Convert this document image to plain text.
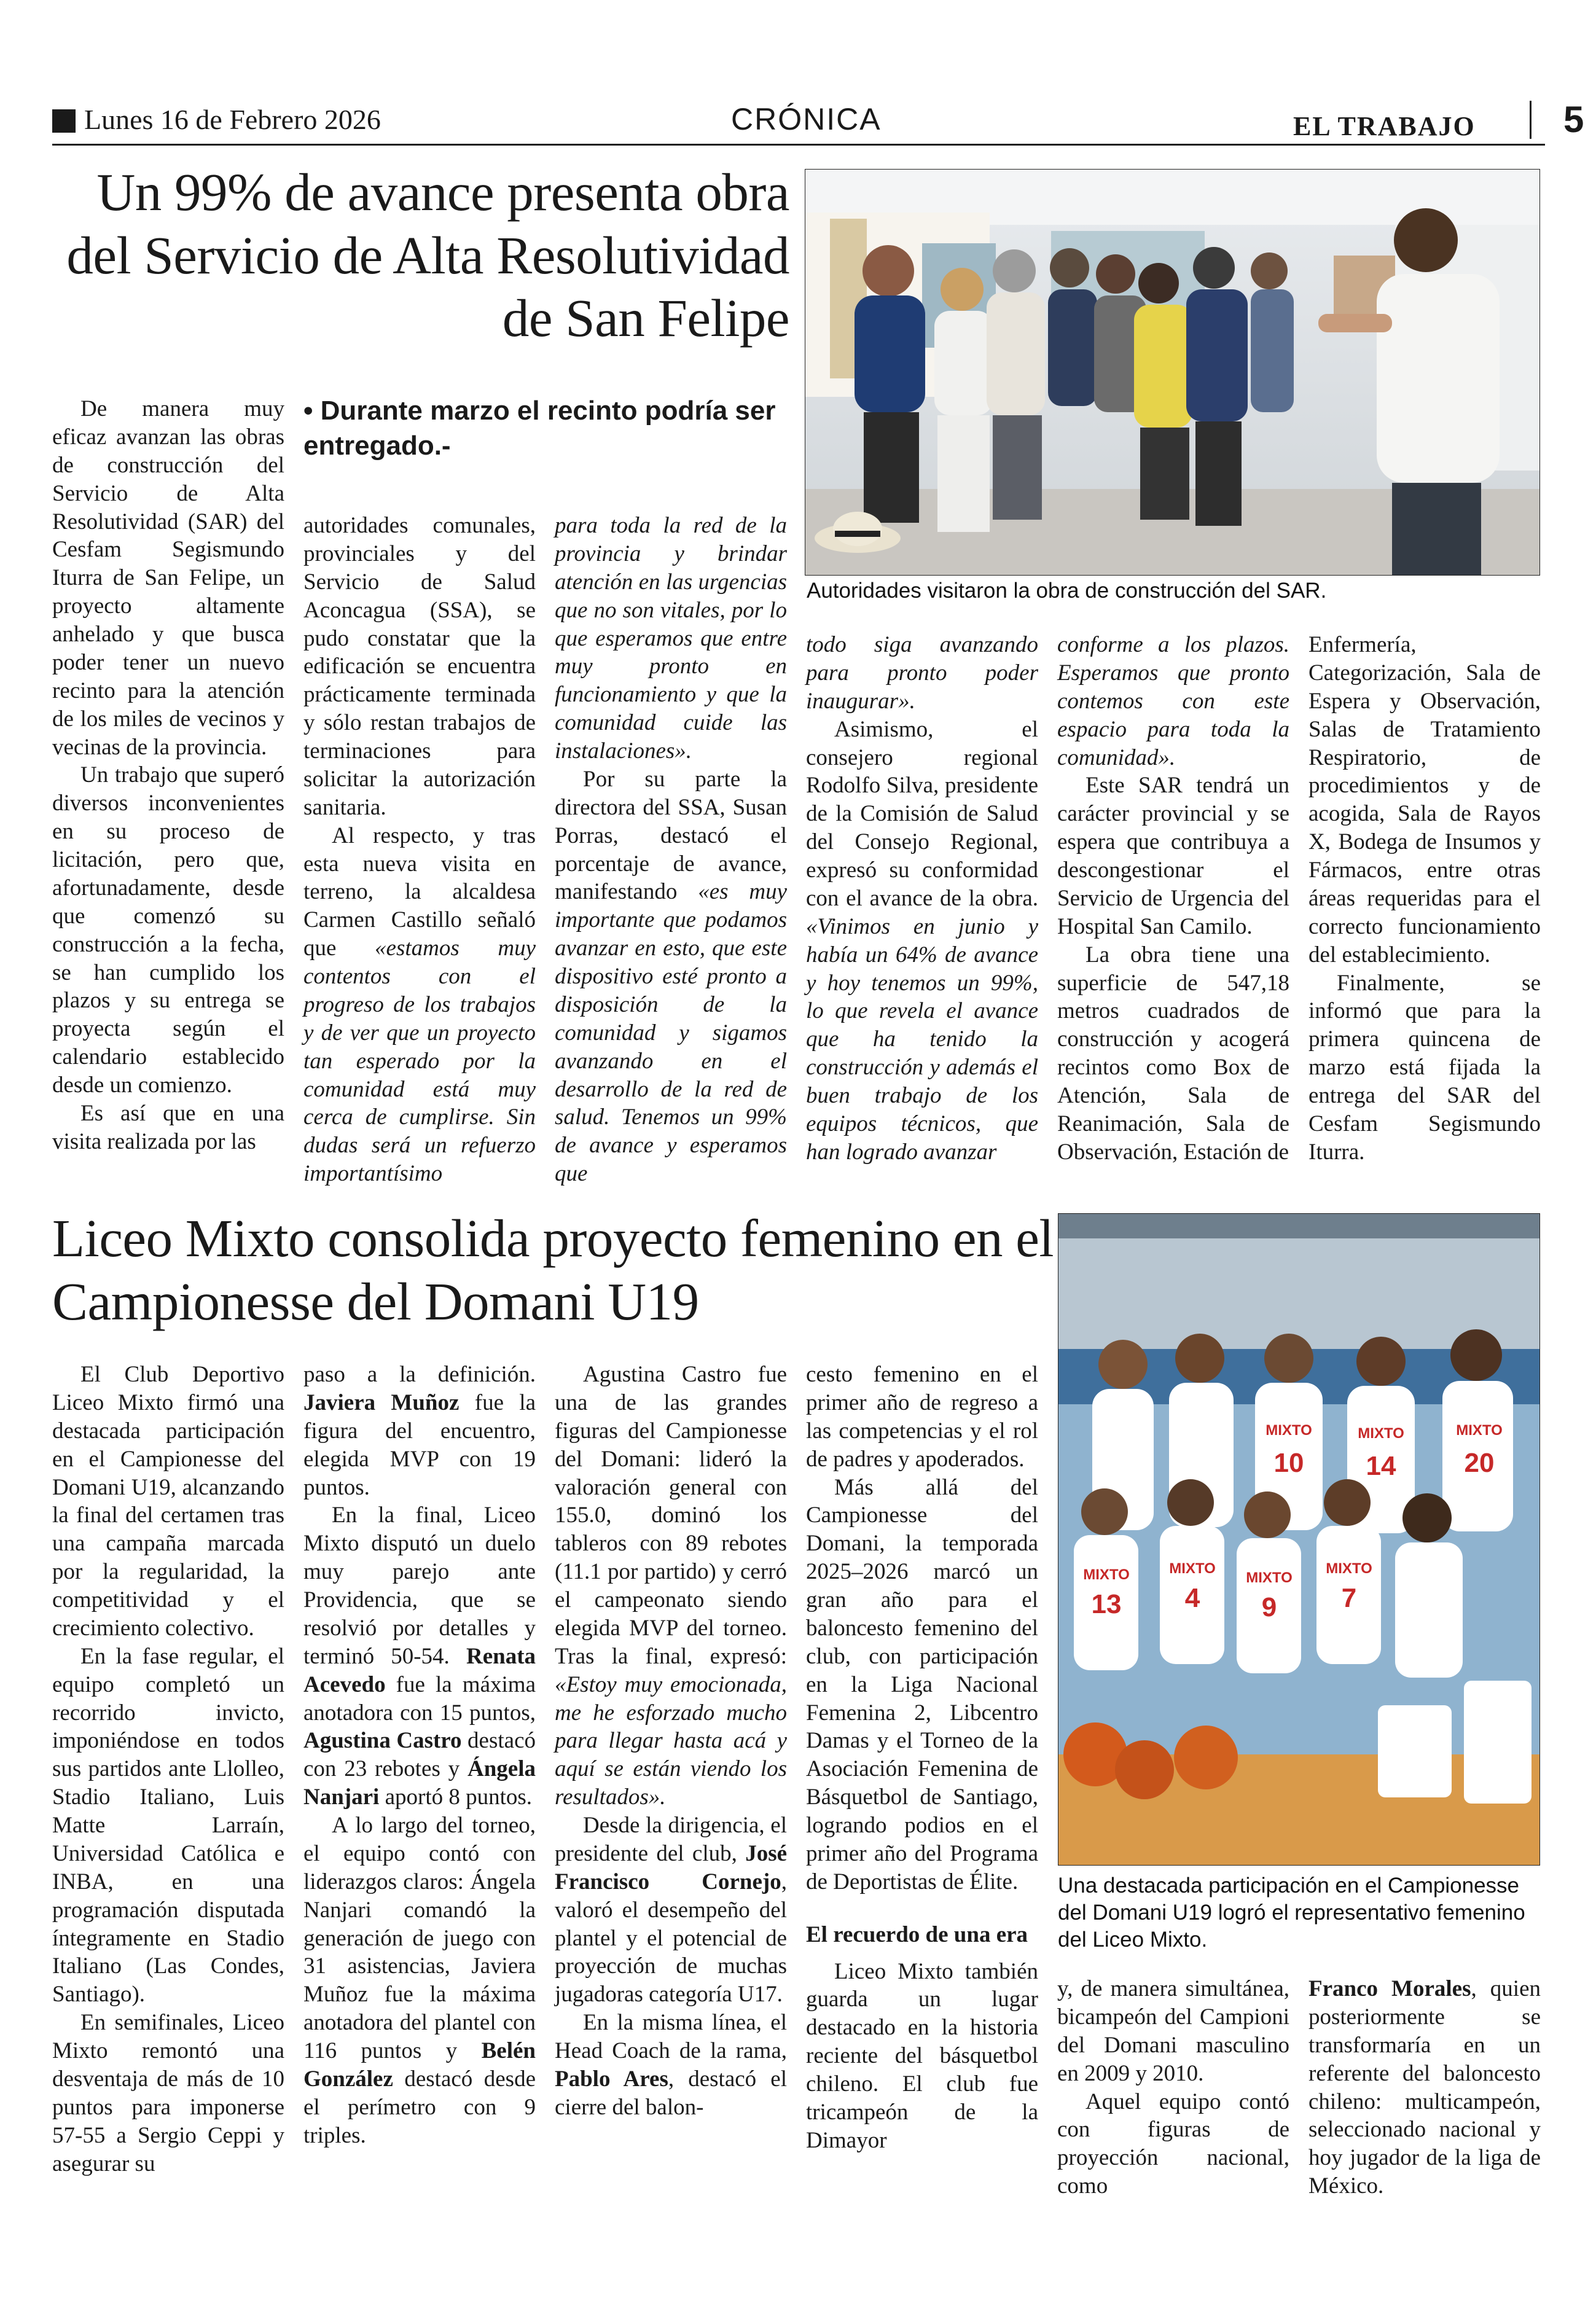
Lunes 16 de Febrero 2026	CRÓNICA	EL TRABAJO 5
Un 99% de avance presenta obra del Servicio de Alta Resolutividad de San Felipe
• Durante marzo el recinto podría ser entregado.-
Autoridades visitaron la obra de construcción del SAR.

De manera muy eficaz avanzan las obras de construcción del Servicio de Alta Resolutividad (SAR) del Cesfam Segismundo Iturra de San Felipe, un proyecto altamente anhelado y que busca poder tener un nuevo recinto para la atención de los miles de vecinos y vecinas de la provincia.

Un trabajo que superó diversos inconvenientes en su proceso de licitación, pero que, afortunadamente, desde que comenzó su construcción a la fecha, se han cumplido los plazos y su entrega se proyecta según el calendario establecido desde un comienzo.

Es así que en una visita realizada por las

autoridades comunales, provinciales y del Servicio de Salud Aconcagua (SSA), se pudo constatar que la edificación se encuentra prácticamente terminada y sólo restan trabajos de terminaciones para solicitar la autorización sanitaria.

Al respecto, y tras esta nueva visita en terreno, la alcaldesa Carmen Castillo señaló que «estamos muy contentos con el progreso de los trabajos y de ver que un proyecto tan esperado por la comunidad está muy cerca de cumplirse. Sin dudas será un refuerzo importantísimo

para toda la red de la provincia y brindar atención en las urgencias que no son vitales, por lo que esperamos que entre muy pronto en funcionamiento y que la comunidad cuide las instalaciones».

Por su parte la directora del SSA, Susan Porras, destacó el porcentaje de avance, manifestando «es muy importante que podamos avanzar en esto, que este dispositivo esté pronto a disposición de la comunidad y sigamos avanzando en el desarrollo de la red de salud. Tenemos un 99% de avance y esperamos que

todo siga avanzando para pronto poder inaugurar».

Asimismo, el consejero regional Rodolfo Silva, presidente de la Comisión de Salud del Consejo Regional, expresó su conformidad con el avance de la obra. «Vinimos en junio y había un 64% de avance y hoy tenemos un 99%, lo que revela el avance que ha tenido la construcción y además el buen trabajo de los equipos técnicos, que han logrado avanzar

conforme a los plazos. Esperamos que pronto contemos con este espacio para toda la comunidad».

Este SAR tendrá un carácter provincial y se espera que contribuya a descongestionar el Servicio de Urgencia del Hospital San Camilo.

La obra tiene una superficie de 547,18 metros cuadrados de construcción y acogerá recintos como Box de Atención, Sala de Reanimación, Sala de Observación, Estación de

Enfermería, Categorización, Sala de Espera y Observación, Salas de Tratamiento Respiratorio, de procedimientos y de acogida, Sala de Rayos X, Bodega de Insumos y Fármacos, entre otras áreas requeridas para el correcto funcionamiento del establecimiento.

Finalmente, se informó que para la primera quincena de marzo está fijada la entrega del SAR del Cesfam Segismundo Iturra.

Liceo Mixto consolida proyecto femenino en el Campionesse del Domani U19
10 14	20
13 4 9 7
MIXTO	MIXTO	MIXTO
MIXTO	MIXTO
MIXTO
MIXTO
Una destacada participación en el Campionesse del Domani U19 logró el representativo femenino del Liceo Mixto.

El Club Deportivo Liceo Mixto firmó una destacada participación en el Campionesse del Domani U19, alcanzando la final del certamen tras una campaña marcada por la regularidad, la competitividad y el crecimiento colectivo.

En la fase regular, el equipo completó un recorrido invicto, imponiéndose en todos sus partidos ante Llolleo, Stadio Italiano, Luis Matte Larraín, Universidad Católica e INBA, en una programación disputada íntegramente en Stadio Italiano (Las Condes, Santiago).

En semifinales, Liceo Mixto remontó una desventaja de más de 10 puntos para imponerse 57-55 a Sergio Ceppi y asegurar su

paso a la definición. Javiera Muñoz fue la figura del encuentro, elegida MVP con 19 puntos.

En la final, Liceo Mixto disputó un duelo muy parejo ante Providencia, que se resolvió por detalles y terminó 50-54. Renata Acevedo fue la máxima anotadora con 15 puntos, Agustina Castro destacó con 23 rebotes y Ángela Nanjari aportó 8 puntos.

A lo largo del torneo, el equipo contó con liderazgos claros: Ángela Nanjari comandó la generación de juego con 31 asistencias, Javiera Muñoz fue la máxima anotadora del plantel con 116 puntos y Belén González destacó desde el perímetro con 9 triples.

Agustina Castro fue una de las grandes figuras del Campionesse del Domani: lideró la valoración general con 155.0, dominó los tableros con 89 rebotes (11.1 por partido) y cerró el campeonato siendo elegida MVP del torneo. Tras la final, expresó: «Estoy muy emocionada, me he esforzado mucho para llegar hasta acá y aquí se están viendo los resultados».

Desde la dirigencia, el presidente del club, José Francisco Cornejo, valoró el desempeño del plantel y el potencial de proyección de muchas jugadoras categoría U17.

En la misma línea, el Head Coach de la rama, Pablo Ares, destacó el cierre del balon-

cesto femenino en el primer año de regreso a las competencias y el rol de padres y apoderados.

Más allá del Campionesse del Domani, la temporada 2025–2026 marcó un gran año para el baloncesto femenino del club, con participación en la Liga Nacional Femenina 2, Libcentro Damas y el Torneo de la Asociación Femenina de Básquetbol de Santiago, logrando podios en el primer año del Programa de Deportistas de Élite.

El recuerdo de una era

Liceo Mixto también guarda un lugar destacado en la historia reciente del básquetbol chileno. El club fue tricampeón de la Dimayor

y, de manera simultánea, bicampeón del Campioni del Domani masculino en 2009 y 2010.

Aquel equipo contó con figuras de proyección nacional, como

Franco Morales, quien posteriormente se transformaría en un referente del baloncesto chileno: multicampeón, seleccionado nacional y hoy jugador de la liga de México.
